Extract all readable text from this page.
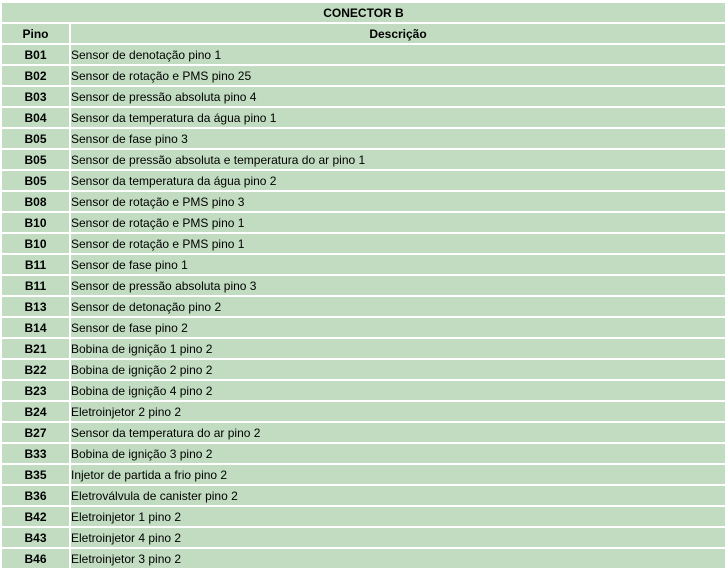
CONECTOR B	
Pino	Descrição
B01	Sensor de denotação pino 1
B02	Sensor de rotação e PMS pino 25
B03	Sensor de pressão absoluta pino 4
B04	Sensor da temperatura da água pino 1
B05	Sensor de fase pino 3
B05	Sensor de pressão absoluta e temperatura do ar pino 1
B05	Sensor da temperatura da água pino 2
B08	Sensor de rotação e PMS pino 3
B10	Sensor de rotação e PMS pino 1
B10	Sensor de rotação e PMS pino 1
B11	Sensor de fase pino 1
B11	Sensor de pressão absoluta pino 3
B13	Sensor de detonação pino 2
B14	Sensor de fase pino 2
B21	Bobina de ignição 1 pino 2
B22	Bobina de ignição 2 pino 2
B23	Bobina de ignição 4 pino 2
B24	Eletroinjetor 2 pino 2
B27	Sensor da temperatura do ar pino 2
B33	Bobina de ignição 3 pino 2
B35	Injetor de partida a frio pino 2
B36	Eletroválvula de canister pino 2
B42	Eletroinjetor 1 pino 2
B43	Eletroinjetor 4 pino 2
B46	Eletroinjetor 3 pino 2
